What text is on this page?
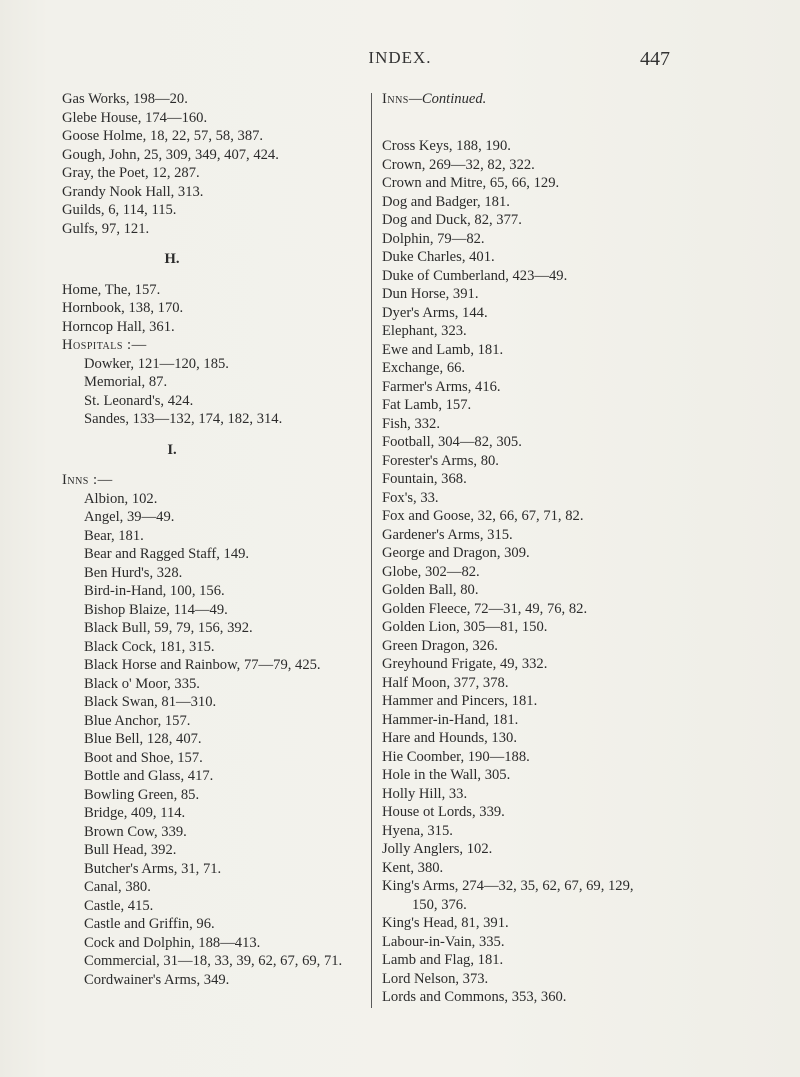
INDEX.	447
Gas Works, 198—20.
Glebe House, 174—160.
Goose Holme, 18, 22, 57, 58, 387.
Gough, John, 25, 309, 349, 407, 424.
Gray, the Poet, 12, 287.
Grandy Nook Hall, 313.
Guilds, 6, 114, 115.
Gulfs, 97, 121.
H.
Home, The, 157.
Hornbook, 138, 170.
Horncop Hall, 361.
Hospitals :—
Dowker, 121—120, 185.
Memorial, 87.
St. Leonard's, 424.
Sandes, 133—132, 174, 182, 314.
I.
Inns :—
Albion, 102.
Angel, 39—49.
Bear, 181.
Bear and Ragged Staff, 149.
Ben Hurd's, 328.
Bird-in-Hand, 100, 156.
Bishop Blaize, 114—49.
Black Bull, 59, 79, 156, 392.
Black Cock, 181, 315.
Black Horse and Rainbow, 77—79, 425.
Black o' Moor, 335.
Black Swan, 81—310.
Blue Anchor, 157.
Blue Bell, 128, 407.
Boot and Shoe, 157.
Bottle and Glass, 417.
Bowling Green, 85.
Bridge, 409, 114.
Brown Cow, 339.
Bull Head, 392.
Butcher's Arms, 31, 71.
Canal, 380.
Castle, 415.
Castle and Griffin, 96.
Cock and Dolphin, 188—413.
Commercial, 31—18, 33, 39, 62, 67, 69, 71.
Cordwainer's Arms, 349.
Inns—Continued.
Cross Keys, 188, 190.
Crown, 269—32, 82, 322.
Crown and Mitre, 65, 66, 129.
Dog and Badger, 181.
Dog and Duck, 82, 377.
Dolphin, 79—82.
Duke Charles, 401.
Duke of Cumberland, 423—49.
Dun Horse, 391.
Dyer's Arms, 144.
Elephant, 323.
Ewe and Lamb, 181.
Exchange, 66.
Farmer's Arms, 416.
Fat Lamb, 157.
Fish, 332.
Football, 304—82, 305.
Forester's Arms, 80.
Fountain, 368.
Fox's, 33.
Fox and Goose, 32, 66, 67, 71, 82.
Gardener's Arms, 315.
George and Dragon, 309.
Globe, 302—82.
Golden Ball, 80.
Golden Fleece, 72—31, 49, 76, 82.
Golden Lion, 305—81, 150.
Green Dragon, 326.
Greyhound Frigate, 49, 332.
Half Moon, 377, 378.
Hammer and Pincers, 181.
Hammer-in-Hand, 181.
Hare and Hounds, 130.
Hie Coomber, 190—188.
Hole in the Wall, 305.
Holly Hill, 33.
House ot Lords, 339.
Hyena, 315.
Jolly Anglers, 102.
Kent, 380.
King's Arms, 274—32, 35, 62, 67, 69, 129,
150, 376.
King's Head, 81, 391.
Labour-in-Vain, 335.
Lamb and Flag, 181.
Lord Nelson, 373.
Lords and Commons, 353, 360.
